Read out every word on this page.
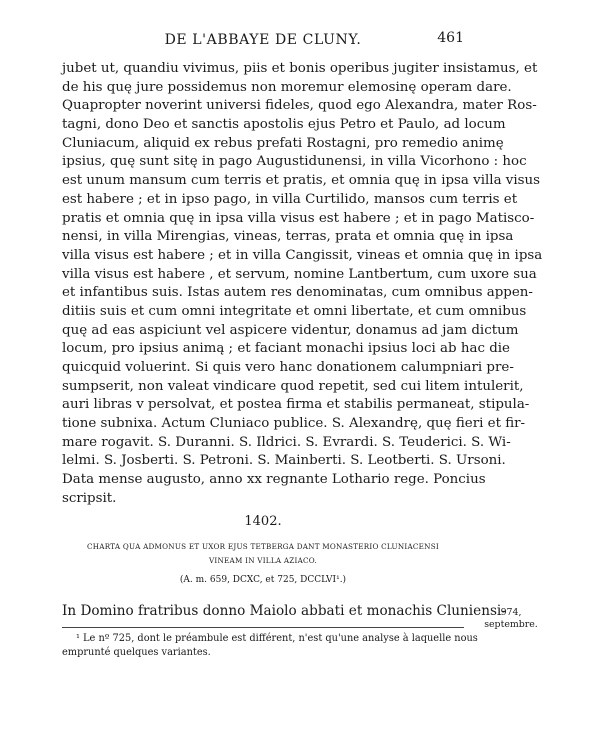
DE L'ABBAYE DE CLUNY.	461
jubet ut, quandiu vivimus, piis et bonis operibus jugiter insistamus, et
de his quę jure possidemus non moremur elemosinę operam dare.
Quapropter noverint universi fideles, quod ego Alexandra, mater Ros-
tagni, dono Deo et sanctis apostolis ejus Petro et Paulo, ad locum
Cluniacum, aliquid ex rebus prefati Rostagni, pro remedio animę
ipsius, quę sunt sitę in pago Augustidunensi, in villa Vicorhono : hoc
est unum mansum cum terris et pratis, et omnia quę in ipsa villa visus
est habere ; et in ipso pago, in villa Curtilido, mansos cum terris et
pratis et omnia quę in ipsa villa visus est habere ; et in pago Matisco-
nensi, in villa Mirengias, vineas, terras, prata et omnia quę in ipsa
villa visus est habere ; et in villa Cangissit, vineas et omnia quę in ipsa
villa visus est habere , et servum, nomine Lantbertum, cum uxore sua
et infantibus suis. Istas autem res denominatas, cum omnibus appen-
ditiis suis et cum omni integritate et omni libertate, et cum omnibus
quę ad eas aspiciunt vel aspicere videntur, donamus ad jam dictum
locum, pro ipsius animą ; et faciant monachi ipsius loci ab hac die
quicquid voluerint. Si quis vero hanc donationem calumpniari pre-
sumpserit, non valeat vindicare quod repetit, sed cui litem intulerit,
auri libras v persolvat, et postea firma et stabilis permaneat, stipula-
tione subnixa. Actum Cluniaco publice. S. Alexandrę, quę fieri et fir-
mare rogavit. S. Duranni. S. Ildrici. S. Evrardi. S. Teuderici. S. Wi-
lelmi. S. Josberti. S. Petroni. S. Mainberti. S. Leotberti. S. Ursoni.
Data mense augusto, anno xx regnante Lothario rege. Poncius
scripsit.
1402.
CHARTA QUA ADMONUS ET UXOR EJUS TETBERGA DANT MONASTERIO CLUNIACENSI
VINEAM IN VILLA AZIACO.
(A. m. 659, DCXC, et 725, DCCLVI¹.)
In Domino fratribus donno Maiolo abbati et monachis Cluniensi-
974,
septembre.
¹ Le nº 725, dont le préambule est différent, n'est qu'une analyse à laquelle nous
emprunté quelques variantes.
